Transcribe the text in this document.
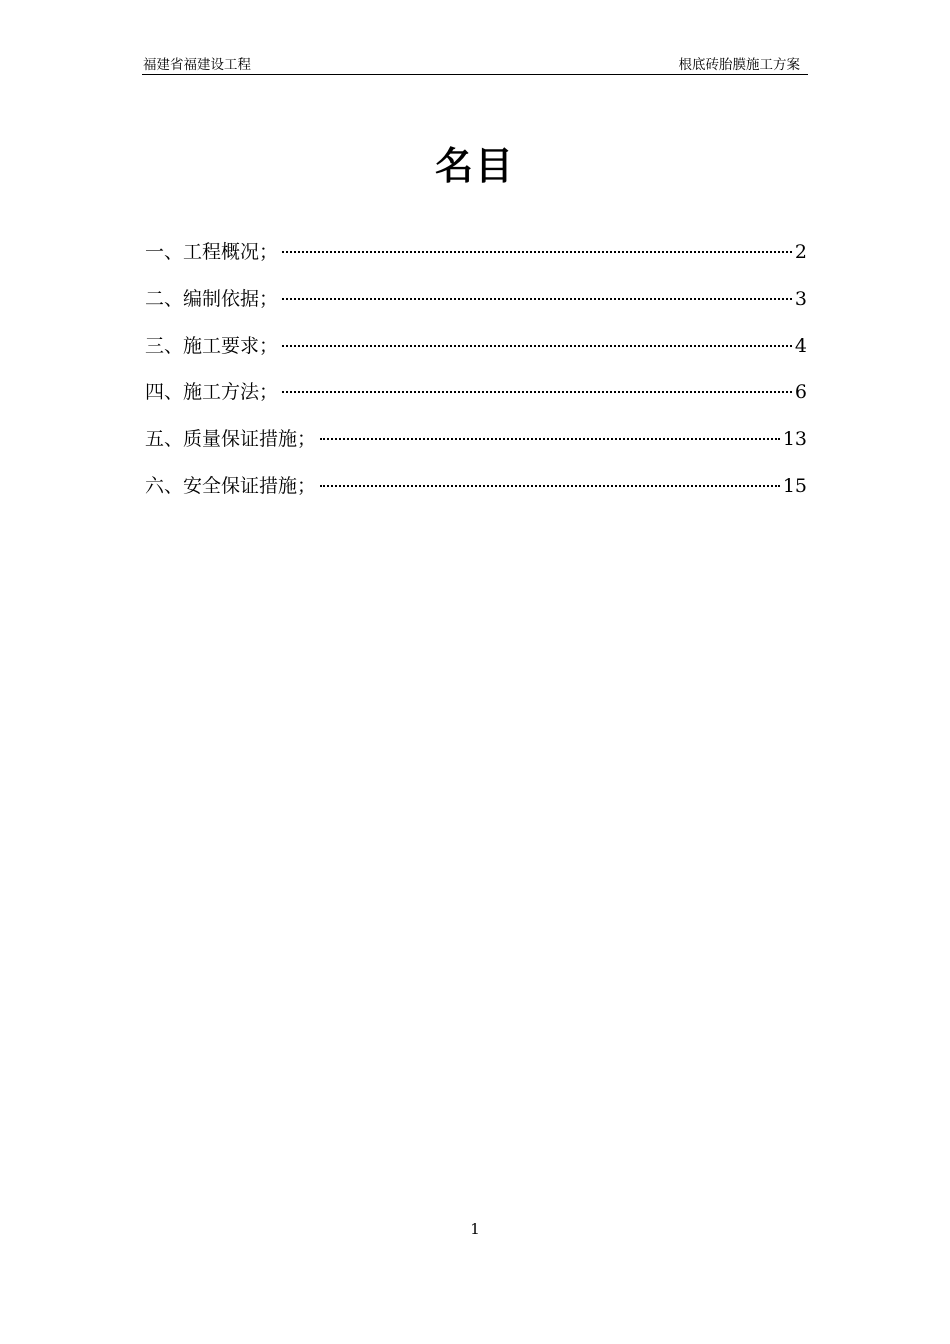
福建省福建设工程	根底砖胎膜施工方案
名目
一、工程概况；	2
二、编制依据；	3
三、施工要求；	4
四、施工方法；	6
五、质量保证措施；	13
六、安全保证措施；	15
1
